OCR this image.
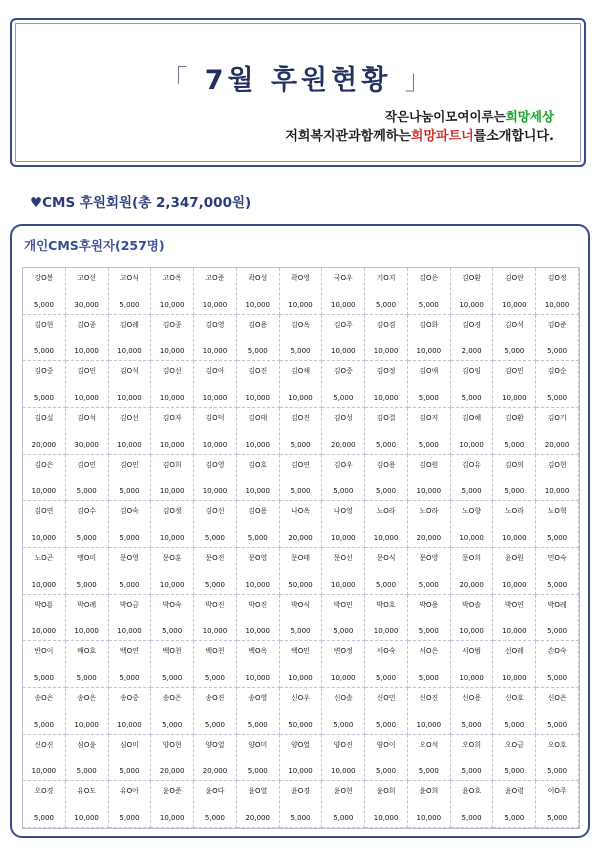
「 7월 후원현황 」
작은나눔이모여이루는희망세상
저희복지관과함께하는희망파트너를소개합니다.
♥CMS 후원회원(총 2,347,000원)
개인CMS후원자(257명)
강O봉
5,000
고O선
30,000
고O식
5,000
고O옥
10,000
고O준
10,000
곽O성
10,000
곽O영
10,000
국O우
10,000
기O지
5,000
김O은
5,000
김O환
10,000
김O란
10,000
김O정
10,000
김O현
5,000
김O종
10,000
김O례
10,000
김O종
10,000
김O영
10,000
김O용
5,000
김O옥
5,000
김O주
10,000
김O겸
10,000
김O화
10,000
김O경
2,000
김O석
5,000
김O준
5,000
김O중
5,000
김O민
10,000
김O석
10,000
김O선
10,000
김O아
10,000
김O진
10,000
김O채
10,000
김O중
5,000
김O정
10,000
김O애
5,000
김O임
5,000
김O민
10,000
김O순
5,000
김O실
20,000
김O석
30,000
김O선
10,000
김O자
10,000
김O덕
10,000
김O태
10,000
김O진
5,000
김O성
20,000
김O결
5,000
김O지
5,000
김O혜
10,000
김O환
5,000
김O기
20,000
김O은
10,000
김O민
5,000
김O민
5,000
김O희
10,000
김O영
10,000
김O호
10,000
김O연
5,000
김O우
5,000
김O용
5,000
김O원
10,000
김O유
5,000
김O의
5,000
김O현
10,000
김O연
10,000
김O수
5,000
김O숙
5,000
김O정
10,000
김O선
5,000
김O용
5,000
나O옥
20,000
나O영
10,000
노O라
10,000
노O라
20,000
노O향
10,000
노O라
10,000
노O혁
5,000
노O곤
10,000
맹O미
5,000
문O영
5,000
문O훈
10,000
문O진
5,000
문O영
10,000
문O태
50,000
문O선
10,000
문O식
5,000
문O영
5,000
문O희
20,000
윤O원
10,000
민O숙
5,000
박O룡
10,000
박O례
10,000
박O금
10,000
박O숙
5,000
박O진
10,000
박O진
10,000
박O식
5,000
박O민
5,000
박O호
10,000
박O용
5,000
박O솔
10,000
박O연
10,000
박O례
5,000
반O이
5,000
배O호
5,000
백O연
5,000
백O천
5,000
백O천
5,000
백O옥
10,000
백O민
10,000
변O정
10,000
서O숙
5,000
서O은
5,000
서O범
10,000
선O레
10,000
손O숙
5,000
송O은
5,000
송O은
10,000
송O중
10,000
송O은
5,000
송O진
5,000
송O영
5,000
신O우
50,000
신O솔
5,000
신O민
5,000
신O진
10,000
신O용
5,000
신O호
5,000
신O은
5,000
신O진
10,000
심O윤
5,000
심O미
5,000
양O현
20,000
양O열
20,000
양O미
5,000
양O열
10,000
양O진
10,000
염O이
5,000
오O석
5,000
오O희
5,000
오O금
5,000
오O호
5,000
오O경
5,000
유O도
10,000
유O아
5,000
윤O준
10,000
윤O다
5,000
윤O열
20,000
윤O경
5,000
윤O현
5,000
윤O희
10,000
윤O희
10,000
윤O호
5,000
윤O령
5,000
이O주
5,000
